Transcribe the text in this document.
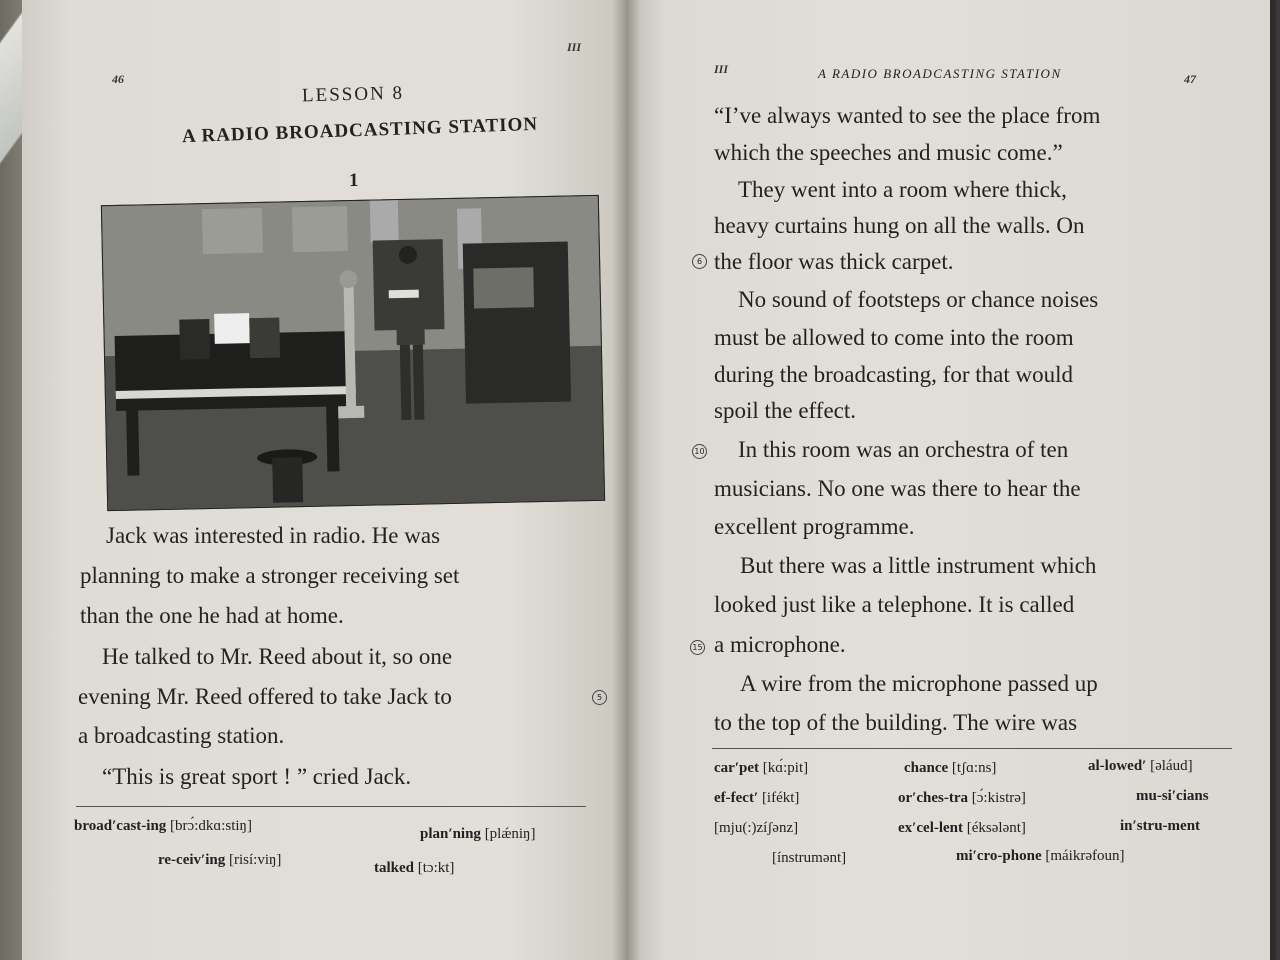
46
III
LESSON 8
A RADIO BROADCASTING STATION
1
Jack was interested in radio. He was
planning to make a stronger receiving set
than the one he had at home.
He talked to Mr. Reed about it, so one
evening Mr. Reed offered to take Jack to	5
a broadcasting station.
“This is great sport ! ” cried Jack.
broad′cast-ing [brɔ́:dkɑ:stiŋ]	plan′ning [plǽniŋ]
re-ceiv′ing [risí:viŋ]	talked [tɔ:kt]
III	A RADIO BROADCASTING STATION	47
“I’ve always wanted to see the place from
which the speeches and music come.”
They went into a room where thick,
heavy curtains hung on all the walls. On
6 the floor was thick carpet.
No sound of footsteps or chance noises
must be allowed to come into the room
during the broadcasting, for that would
spoil the effect.
10 In this room was an orchestra of ten
musicians. No one was there to hear the
excellent programme.
But there was a little instrument which
looked just like a telephone. It is called
15 a microphone.
A wire from the microphone passed up
to the top of the building. The wire was
car′pet [kɑ́:pit]	chance [tʃɑ:ns]	al-lowed′ [əláud]
ef-fect′ [ifékt]	or′ches-tra [ɔ́:kistrə]	mu-si′cians
[mju(:)zíʃənz]	ex′cel-lent [éksələnt]	in′stru-ment
[ínstrumənt]	mi′cro-phone [máikrəfoun]
